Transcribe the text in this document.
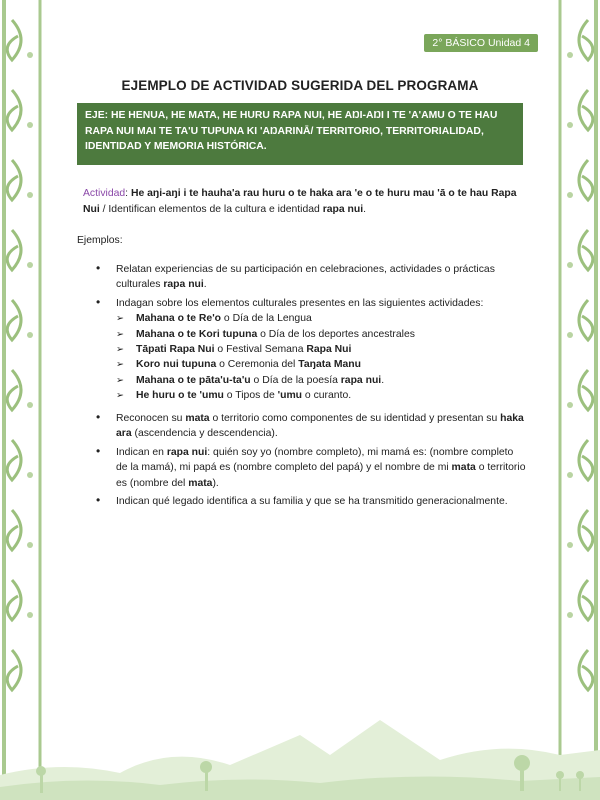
2° BÁSICO Unidad 4
EJEMPLO DE ACTIVIDAD SUGERIDA DEL PROGRAMA
EJE: HE HENUA, HE MATA, HE HURU RAPA NUI, HE AŊI-AŊI I TE 'A'AMU O TE HAU RAPA NUI MAI TE TA'U TUPUNA KI 'AŊARINĀ/ TERRITORIO, TERRITORIALIDAD, IDENTIDAD Y MEMORIA HISTÓRICA.
Actividad: He aŋi-aŋi i te hauha'a rau huru o te haka ara 'e o te huru mau 'ā o te hau Rapa Nui / Identifican elementos de la cultura e identidad rapa nui.
Ejemplos:
• Relatan experiencias de su participación en celebraciones, actividades o prácticas culturales rapa nui.
• Indagan sobre los elementos culturales presentes en las siguientes actividades:
➢ Mahana o te Re'o o Día de la Lengua
➢ Mahana o te Kori tupuna o Día de los deportes ancestrales
➢ Tāpati Rapa Nui o Festival Semana Rapa Nui
➢ Koro nui tupuna o Ceremonia del Taŋata Manu
➢ Mahana o te pāta'u-ta'u o Día de la poesía rapa nui.
➢ He huru o te 'umu o Tipos de 'umu o curanto.
• Reconocen su mata o territorio como componentes de su identidad y presentan su haka ara (ascendencia y descendencia).
• Indican en rapa nui: quién soy yo (nombre completo), mi mamá es: (nombre completo de la mamá), mi papá es (nombre completo del papá) y el nombre de mi mata o territorio es (nombre del mata).
• Indican qué legado identifica a su familia y que se ha transmitido generacionalmente.
